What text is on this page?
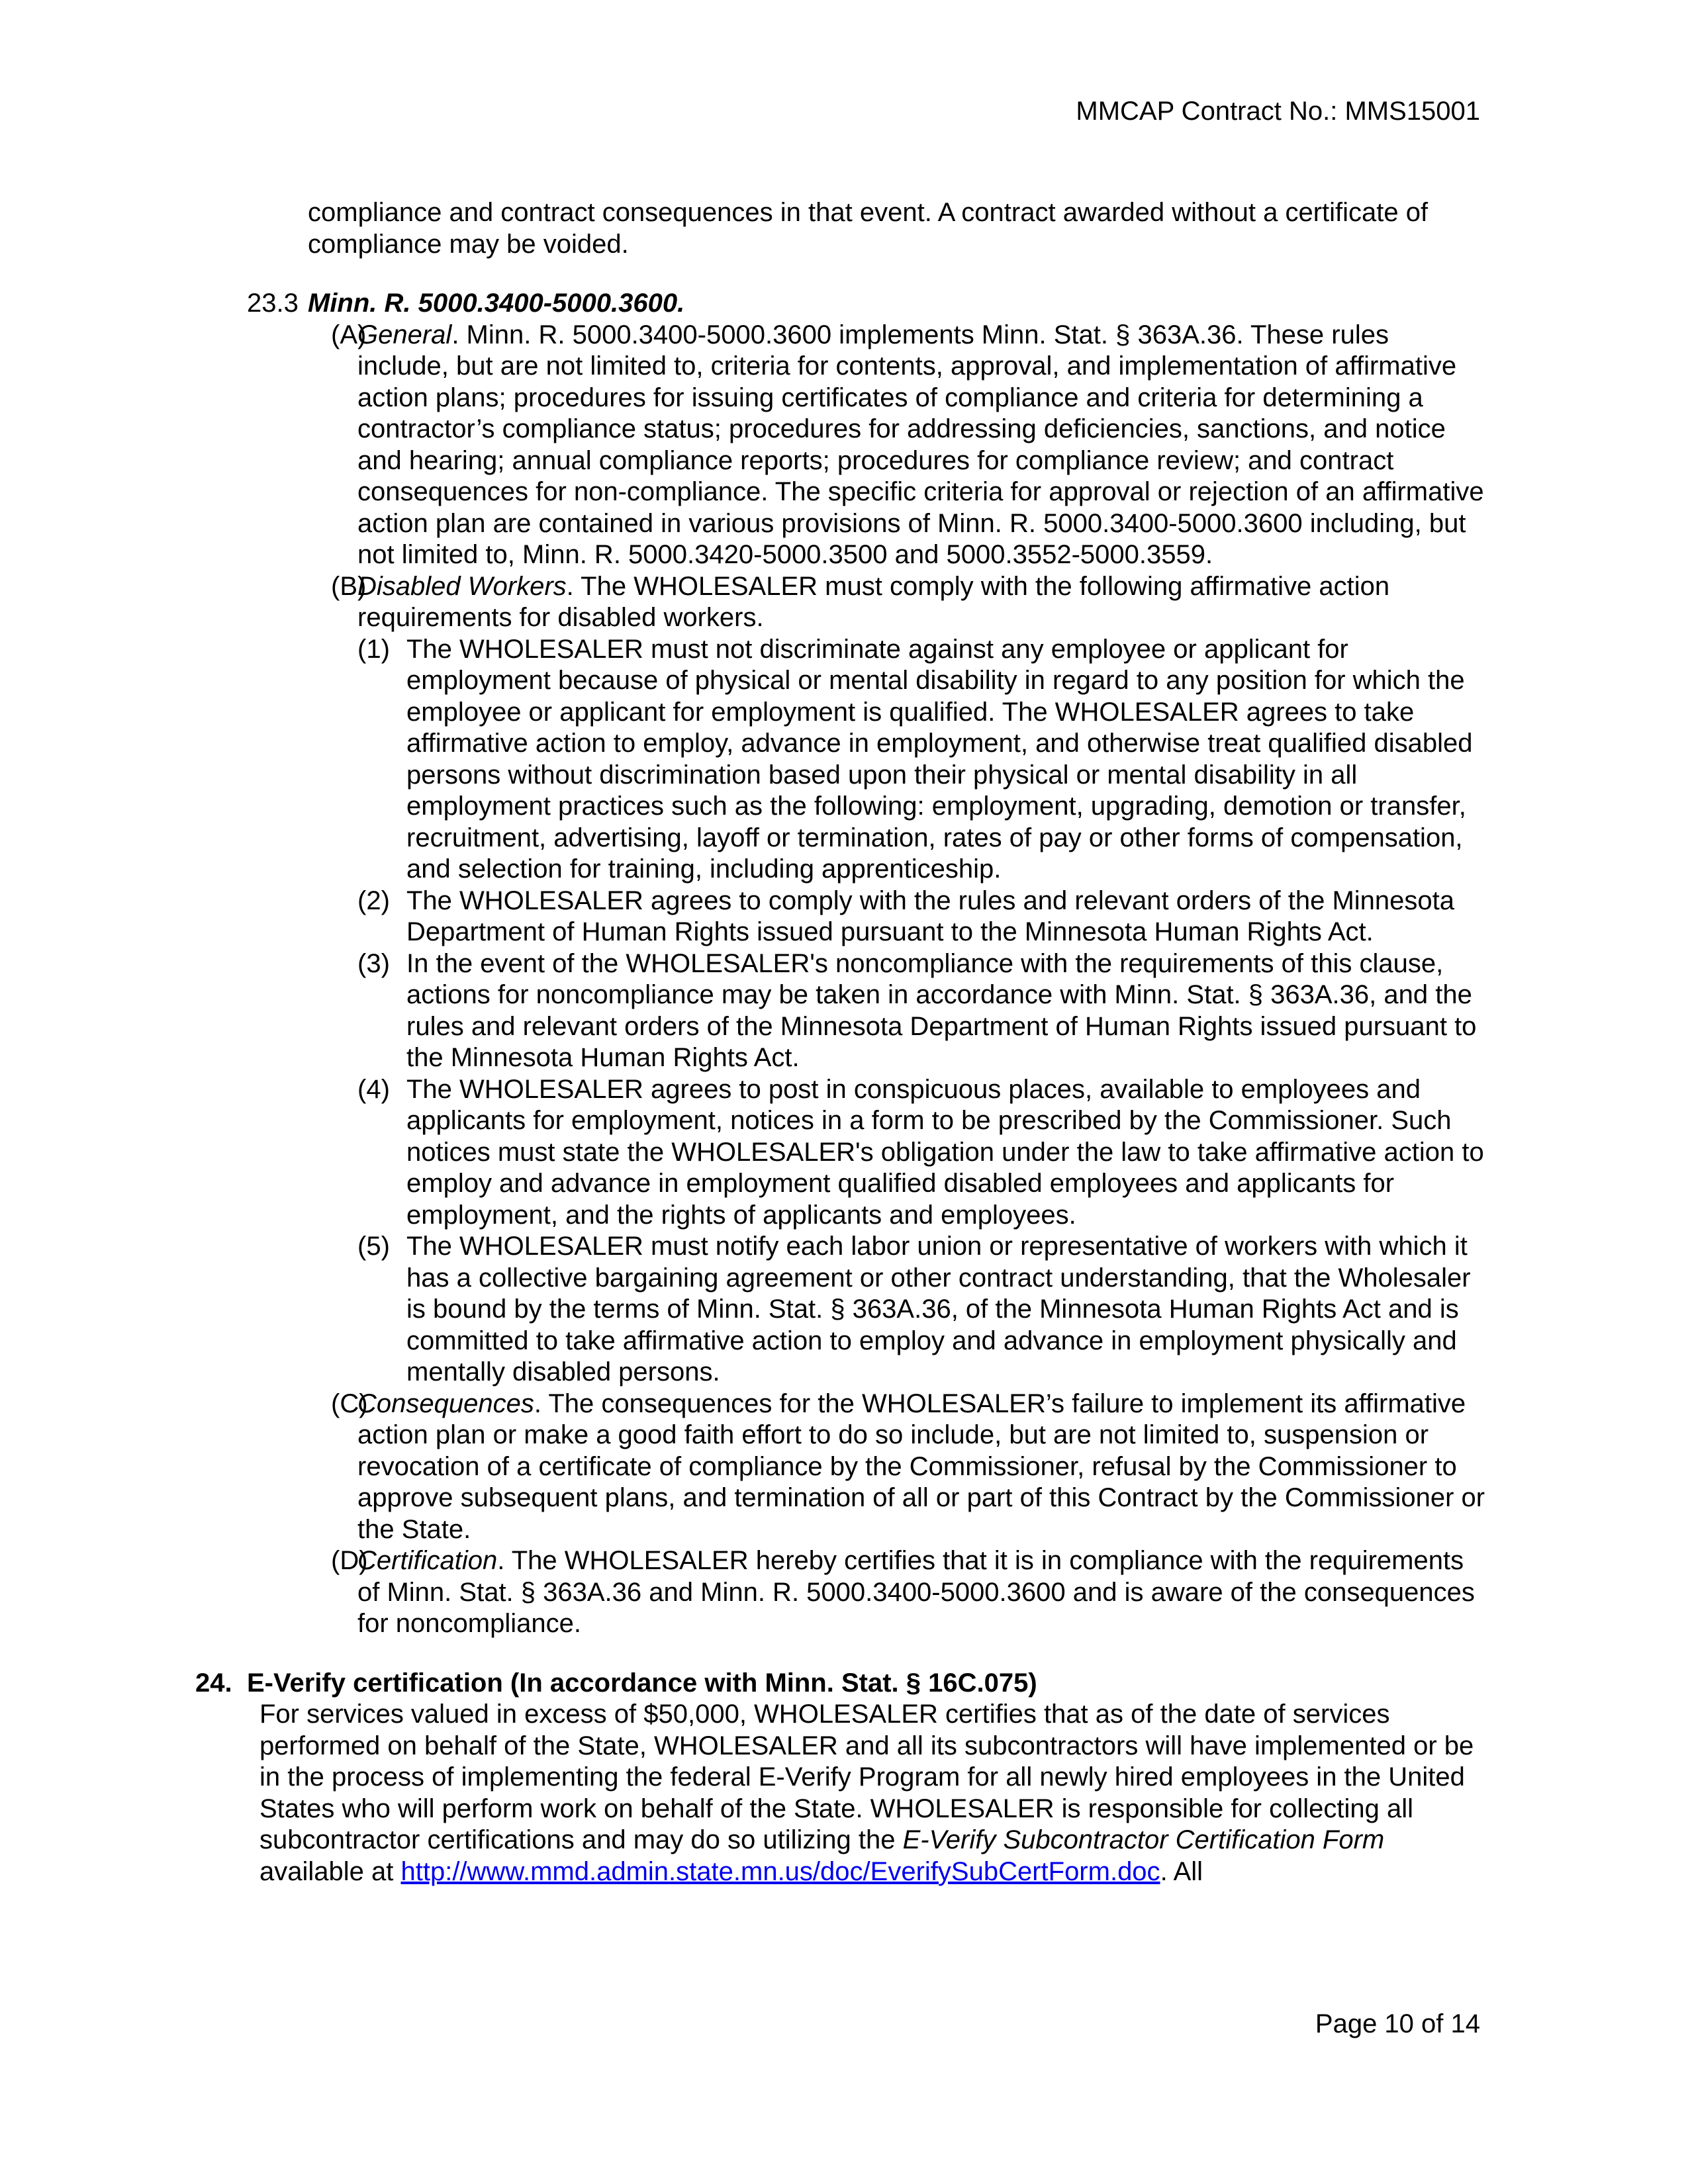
MMCAP Contract No.: MMS15001

compliance and contract consequences in that event. A contract awarded without a certificate of compliance may be voided.

23.3 Minn. R. 5000.3400-5000.3600.
(A)
General. Minn. R. 5000.3400-5000.3600 implements Minn. Stat. § 363A.36. These rules include, but are not limited to, criteria for contents, approval, and implementation of affirmative action plans; procedures for issuing certificates of compliance and criteria for determining a contractor’s compliance status; procedures for addressing deficiencies, sanctions, and notice and hearing; annual compliance reports; procedures for compliance review; and contract consequences for non-compliance. The specific criteria for approval or rejection of an affirmative action plan are contained in various provisions of Minn. R. 5000.3400-5000.3600 including, but not limited to, Minn. R. 5000.3420-5000.3500 and 5000.3552-5000.3559.
(B)
Disabled Workers. The WHOLESALER must comply with the following affirmative action requirements for disabled workers.
(1) The WHOLESALER must not discriminate against any employee or applicant for employment because of physical or mental disability in regard to any position for which the employee or applicant for employment is qualified. The WHOLESALER agrees to take affirmative action to employ, advance in employment, and otherwise treat qualified disabled persons without discrimination based upon their physical or mental disability in all employment practices such as the following: employment, upgrading, demotion or transfer, recruitment, advertising, layoff or termination, rates of pay or other forms of compensation, and selection for training, including apprenticeship.
(2) The WHOLESALER agrees to comply with the rules and relevant orders of the Minnesota Department of Human Rights issued pursuant to the Minnesota Human Rights Act.
(3) In the event of the WHOLESALER's noncompliance with the requirements of this clause, actions for noncompliance may be taken in accordance with Minn. Stat. § 363A.36, and the rules and relevant orders of the Minnesota Department of Human Rights issued pursuant to the Minnesota Human Rights Act.
(4) The WHOLESALER agrees to post in conspicuous places, available to employees and applicants for employment, notices in a form to be prescribed by the Commissioner. Such notices must state the WHOLESALER's obligation under the law to take affirmative action to employ and advance in employment qualified disabled employees and applicants for employment, and the rights of applicants and employees.
(5) The WHOLESALER must notify each labor union or representative of workers with which it has a collective bargaining agreement or other contract understanding, that the Wholesaler is bound by the terms of Minn. Stat. § 363A.36, of the Minnesota Human Rights Act and is committed to take affirmative action to employ and advance in employment physically and mentally disabled persons.
(C)
Consequences. The consequences for the WHOLESALER’s failure to implement its affirmative action plan or make a good faith effort to do so include, but are not limited to, suspension or revocation of a certificate of compliance by the Commissioner, refusal by the Commissioner to approve subsequent plans, and termination of all or part of this Contract by the Commissioner or the State.
(D)
Certification. The WHOLESALER hereby certifies that it is in compliance with the requirements of Minn. Stat. § 363A.36 and Minn. R. 5000.3400-5000.3600 and is aware of the consequences for noncompliance.
24. E-Verify certification (In accordance with Minn. Stat. § 16C.075)

For services valued in excess of $50,000, WHOLESALER certifies that as of the date of services performed on behalf of the State, WHOLESALER and all its subcontractors will have implemented or be in the process of implementing the federal E-Verify Program for all newly hired employees in the United States who will perform work on behalf of the State. WHOLESALER is responsible for collecting all subcontractor certifications and may do so utilizing the E-Verify Subcontractor Certification Form available at http://www.mmd.admin.state.mn.us/doc/EverifySubCertForm.doc. All

Page 10 of 14
